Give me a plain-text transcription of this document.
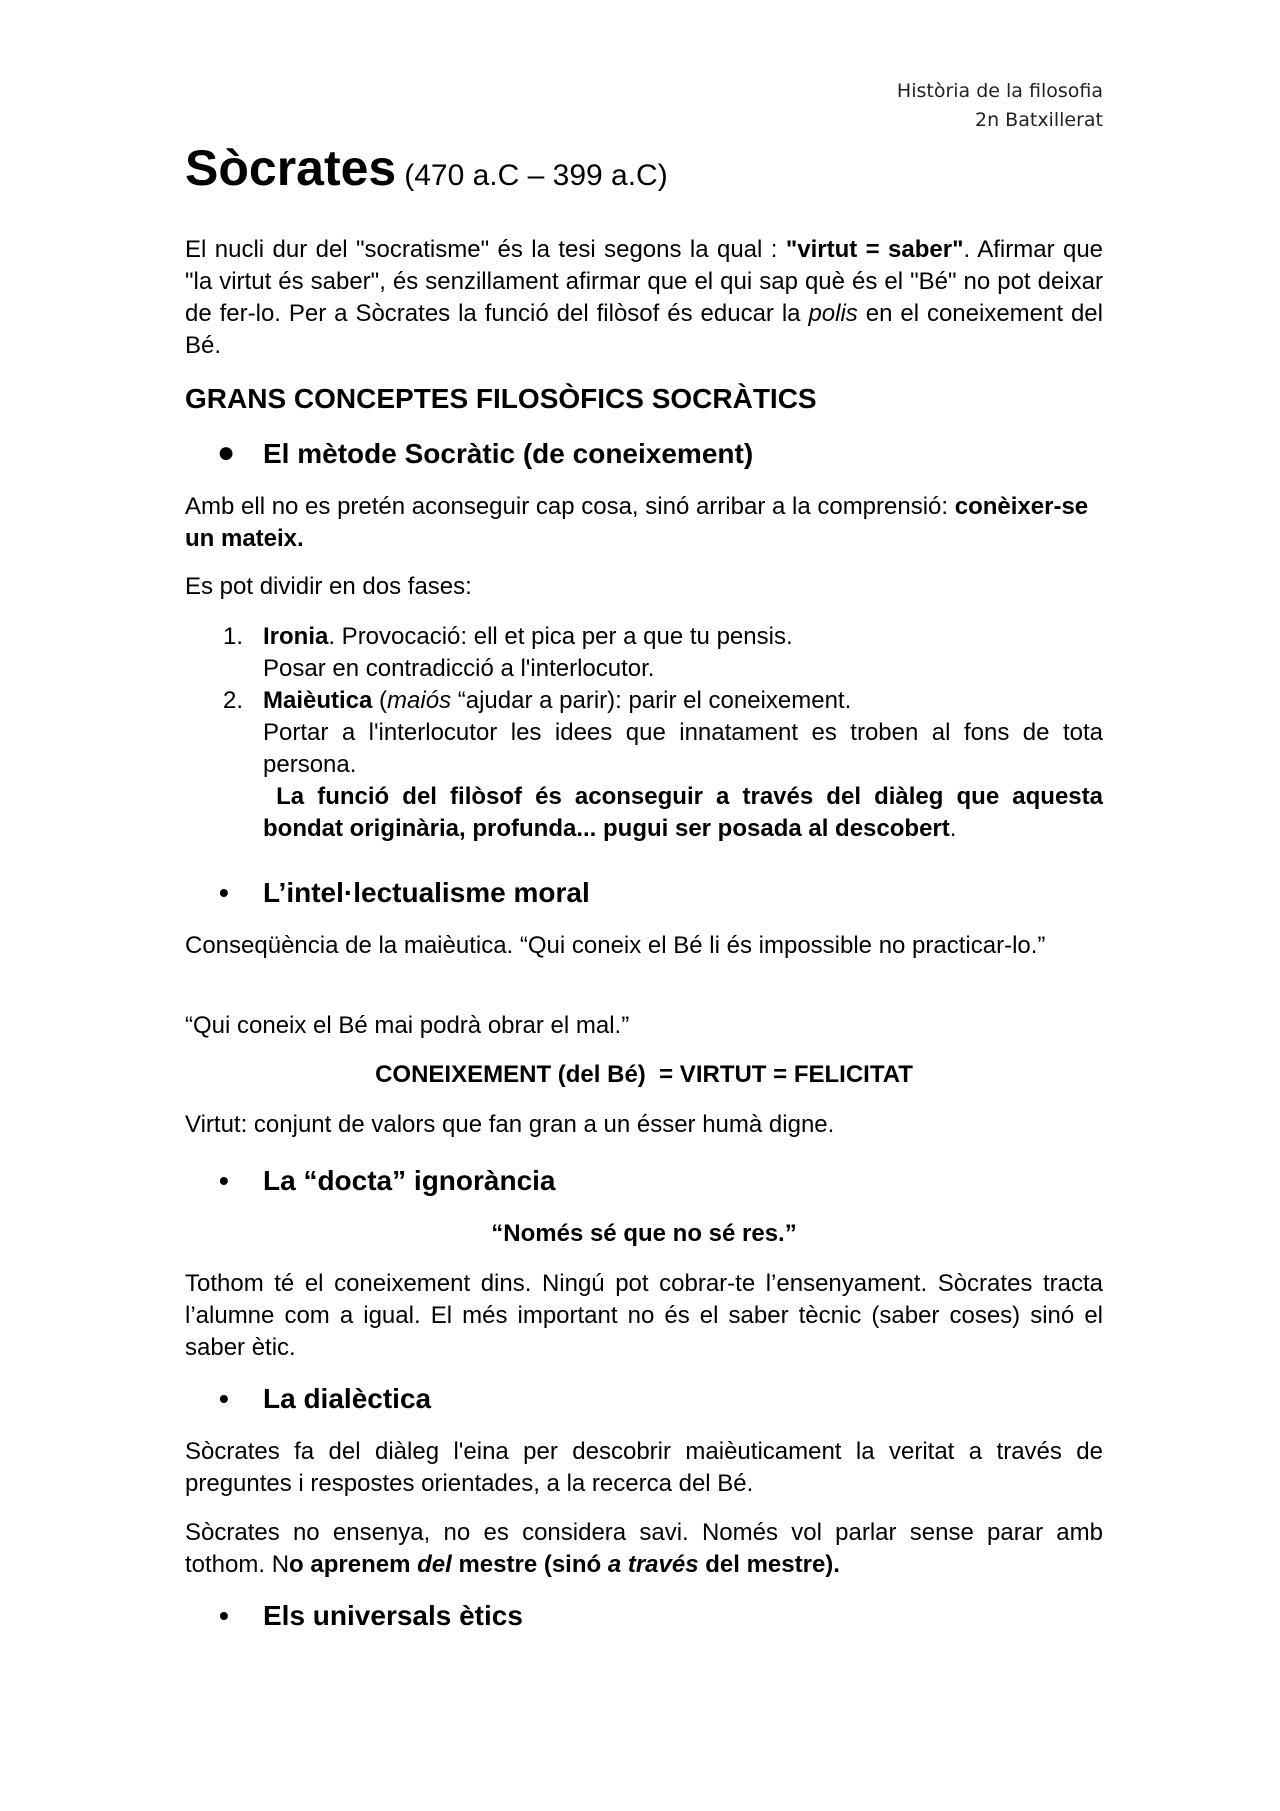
Història de la filosofia
2n Batxillerat
Sòcrates (470 a.C – 399 a.C)

El nucli dur del "socratisme" és la tesi segons la qual : "virtut = saber". Afirmar que "la virtut és saber", és senzillament afirmar que el qui sap què és el "Bé" no pot deixar de fer-lo. Per a Sòcrates la funció del filòsof és educar la polis en el coneixement del Bé.

GRANS CONCEPTES FILOSÒFICS SOCRÀTICS
● El mètode Socràtic (de coneixement)

Amb ell no es pretén aconseguir cap cosa, sinó arribar a la comprensió: conèixer-se un mateix.

Es pot dividir en dos fases:

1. Ironia. Provocació: ell et pica per a que tu pensis.
Posar en contradicció a l'interlocutor.
2. Maièutica (maiós “ajudar a parir): parir el coneixement.
Portar a l'interlocutor les idees que innatament es troben al fons de tota persona.
La funció del filòsof és aconseguir a través del diàleg que aquesta bondat originària, profunda... pugui ser posada al descobert.
• L’intel·lectualisme moral

Conseqüència de la maièutica. “Qui coneix el Bé li és impossible no practicar-lo.”

“Qui coneix el Bé mai podrà obrar el mal.”

CONEIXEMENT (del Bé)  = VIRTUT = FELICITAT

Virtut: conjunt de valors que fan gran a un ésser humà digne.

• La “docta” ignorància

“Només sé que no sé res.”

Tothom té el coneixement dins. Ningú pot cobrar-te l’ensenyament. Sòcrates tracta l’alumne com a igual. El més important no és el saber tècnic (saber coses) sinó el saber ètic.

• La dialèctica

Sòcrates fa del diàleg l'eina per descobrir maièuticament la veritat a través de preguntes i respostes orientades, a la recerca del Bé.

Sòcrates no ensenya, no es considera savi. Només vol parlar sense parar amb tothom. No aprenem del mestre (sinó a través del mestre).

• Els universals ètics
